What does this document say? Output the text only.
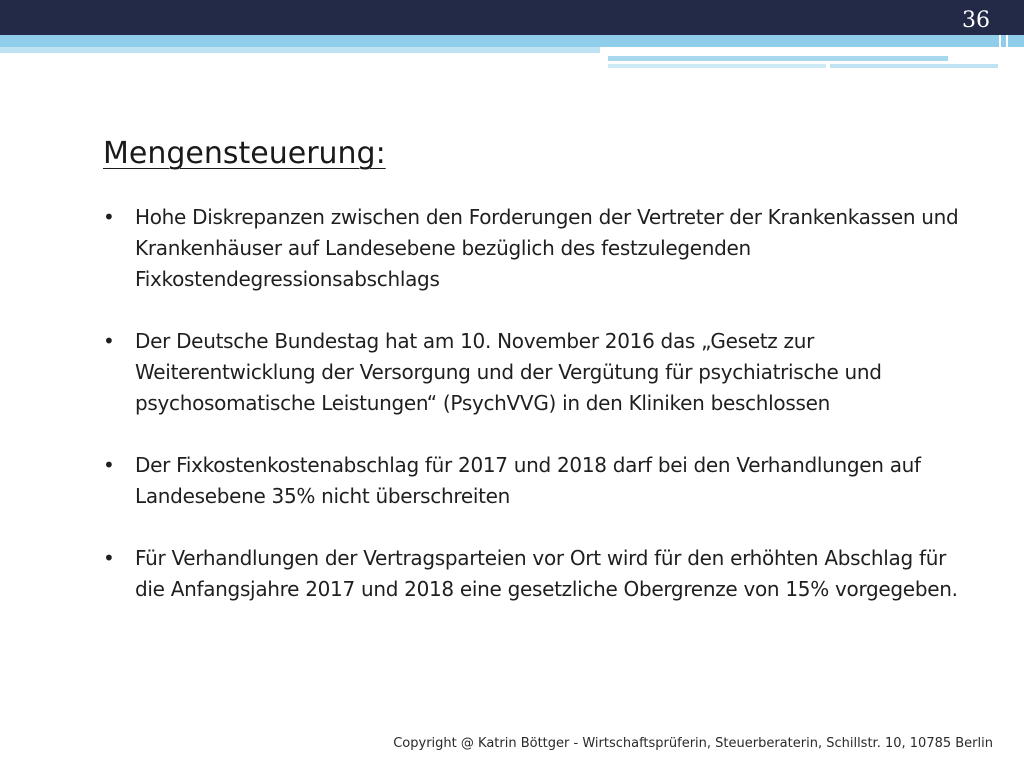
36
Mengensteuerung:
•	Hohe Diskrepanzen zwischen den Forderungen der Vertreter der Krankenkassen und Krankenhäuser auf Landesebene bezüglich des festzulegenden Fixkostendegressionsabschlags
•	Der Deutsche Bundestag hat am 10. November 2016 das „Gesetz zur Weiterentwicklung der Versorgung und der Vergütung für psychiatrische und psychosomatische Leistungen“ (PsychVVG) in den Kliniken beschlossen
•	Der Fixkostenkostenabschlag für 2017 und 2018 darf bei den Verhandlungen auf Landesebene 35% nicht überschreiten
•	Für Verhandlungen der Vertragsparteien vor Ort wird für den erhöhten Abschlag für die Anfangsjahre 2017 und 2018 eine gesetzliche Obergrenze von 15% vorgegeben.
Copyright @ Katrin Böttger - Wirtschaftsprüferin, Steuerberaterin, Schillstr. 10, 10785 Berlin
